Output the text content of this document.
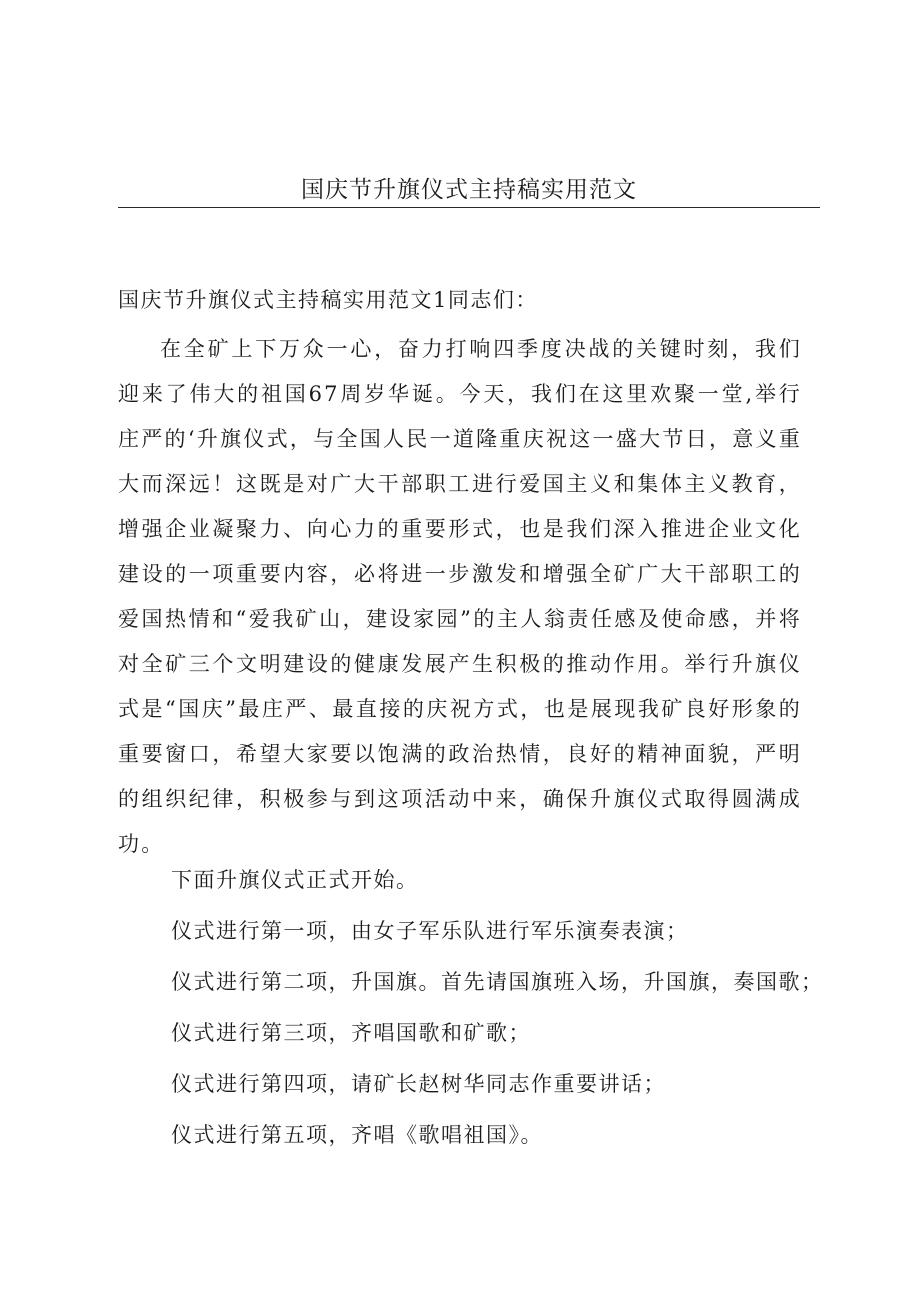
国庆节升旗仪式主持稿实用范文
国庆节升旗仪式主持稿实用范文1同志们：
在全矿上下万众一心，奋力打响四季度决战的关键时刻，我们迎来了伟大的祖国67周岁华诞。今天，我们在这里欢聚一堂,举行庄严的‘升旗仪式，与全国人民一道隆重庆祝这一盛大节日，意义重大而深远！这既是对广大干部职工进行爱国主义和集体主义教育，增强企业凝聚力、向心力的重要形式，也是我们深入推进企业文化建设的一项重要内容，必将进一步激发和增强全矿广大干部职工的爱国热情和“爱我矿山，建设家园”的主人翁责任感及使命感，并将对全矿三个文明建设的健康发展产生积极的推动作用。举行升旗仪式是“国庆”最庄严、最直接的庆祝方式，也是展现我矿良好形象的重要窗口，希望大家要以饱满的政治热情，良好的精神面貌，严明的组织纪律，积极参与到这项活动中来，确保升旗仪式取得圆满成功。
下面升旗仪式正式开始。
仪式进行第一项，由女子军乐队进行军乐演奏表演；
仪式进行第二项，升国旗。首先请国旗班入场，升国旗，奏国歌；
仪式进行第三项，齐唱国歌和矿歌；
仪式进行第四项，请矿长赵树华同志作重要讲话；
仪式进行第五项，齐唱《歌唱祖国》。
